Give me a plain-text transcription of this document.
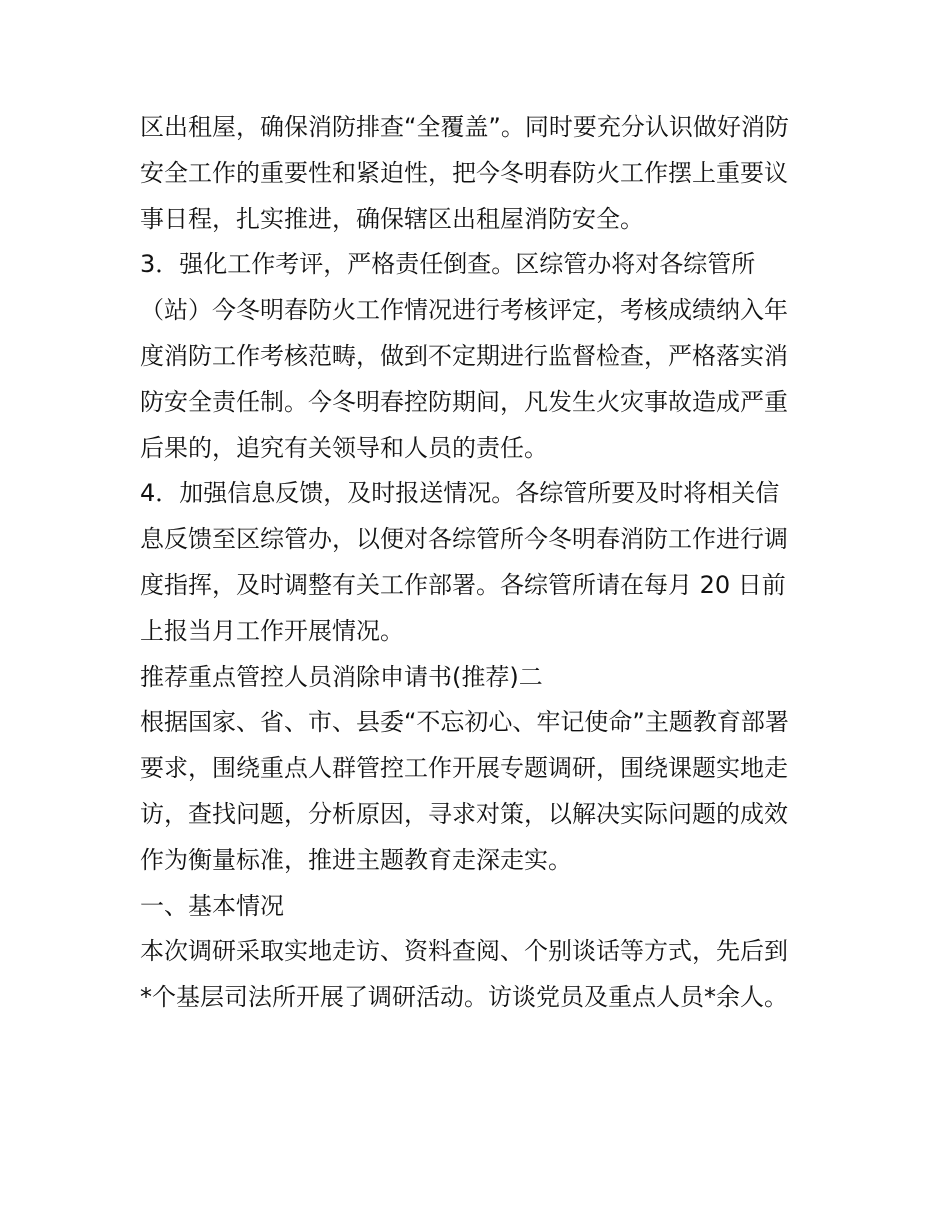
区出租屋，确保消防排查“全覆盖”。同时要充分认识做好消防
安全工作的重要性和紧迫性，把今冬明春防火工作摆上重要议
事日程，扎实推进，确保辖区出租屋消防安全。
3．强化工作考评，严格责任倒查。区综管办将对各综管所
（站）今冬明春防火工作情况进行考核评定，考核成绩纳入年
度消防工作考核范畴，做到不定期进行监督检查，严格落实消
防安全责任制。今冬明春控防期间，凡发生火灾事故造成严重
后果的，追究有关领导和人员的责任。
4．加强信息反馈，及时报送情况。各综管所要及时将相关信
息反馈至区综管办，以便对各综管所今冬明春消防工作进行调
度指挥，及时调整有关工作部署。各综管所请在每月 20 日前
上报当月工作开展情况。
推荐重点管控人员消除申请书(推荐)二
根据国家、省、市、县委“不忘初心、牢记使命”主题教育部署
要求，围绕重点人群管控工作开展专题调研，围绕课题实地走
访，查找问题，分析原因，寻求对策，以解决实际问题的成效
作为衡量标准，推进主题教育走深走实。
一、基本情况
本次调研采取实地走访、资料查阅、个别谈话等方式，先后到
*个基层司法所开展了调研活动。访谈党员及重点人员*余人。
